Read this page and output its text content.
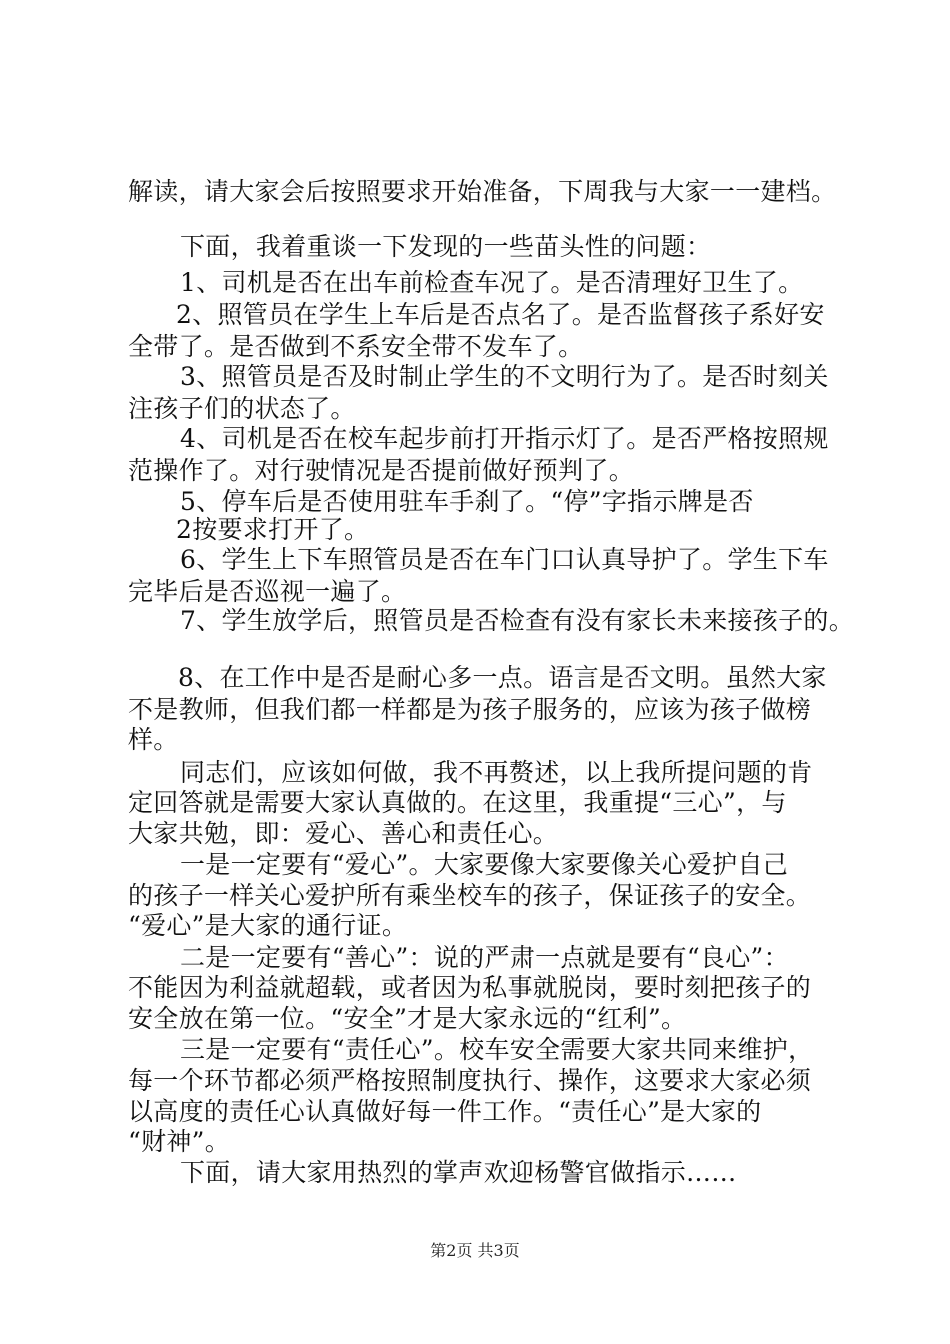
解读，请大家会后按照要求开始准备，下周我与大家一一建档。
下面，我着重谈一下发现的一些苗头性的问题：
1、司机是否在出车前检查车况了。是否清理好卫生了。
2、照管员在学生上车后是否点名了。是否监督孩子系好安
全带了。是否做到不系安全带不发车了。
3、照管员是否及时制止学生的不文明行为了。是否时刻关
注孩子们的状态了。
4、司机是否在校车起步前打开指示灯了。是否严格按照规
范操作了。对行驶情况是否提前做好预判了。
5、停车后是否使用驻车手刹了。“停”字指示牌是否
2按要求打开了。
6、学生上下车照管员是否在车门口认真导护了。学生下车
完毕后是否巡视一遍了。
7、学生放学后，照管员是否检查有没有家长未来接孩子的。
8、在工作中是否是耐心多一点。语言是否文明。虽然大家
不是教师，但我们都一样都是为孩子服务的，应该为孩子做榜
样。
同志们，应该如何做，我不再赘述，以上我所提问题的肯
定回答就是需要大家认真做的。在这里，我重提“三心”，与
大家共勉，即：爱心、善心和责任心。
一是一定要有“爱心”。大家要像大家要像关心爱护自己
的孩子一样关心爱护所有乘坐校车的孩子，保证孩子的安全。
“爱心”是大家的通行证。
二是一定要有“善心”：说的严肃一点就是要有“良心”：
不能因为利益就超载，或者因为私事就脱岗，要时刻把孩子的
安全放在第一位。“安全”才是大家永远的“红利”。
三是一定要有“责任心”。校车安全需要大家共同来维护，
每一个环节都必须严格按照制度执行、操作，这要求大家必须
以高度的责任心认真做好每一件工作。“责任心”是大家的
“财神”。
下面，请大家用热烈的掌声欢迎杨警官做指示……
第2页 共3页
